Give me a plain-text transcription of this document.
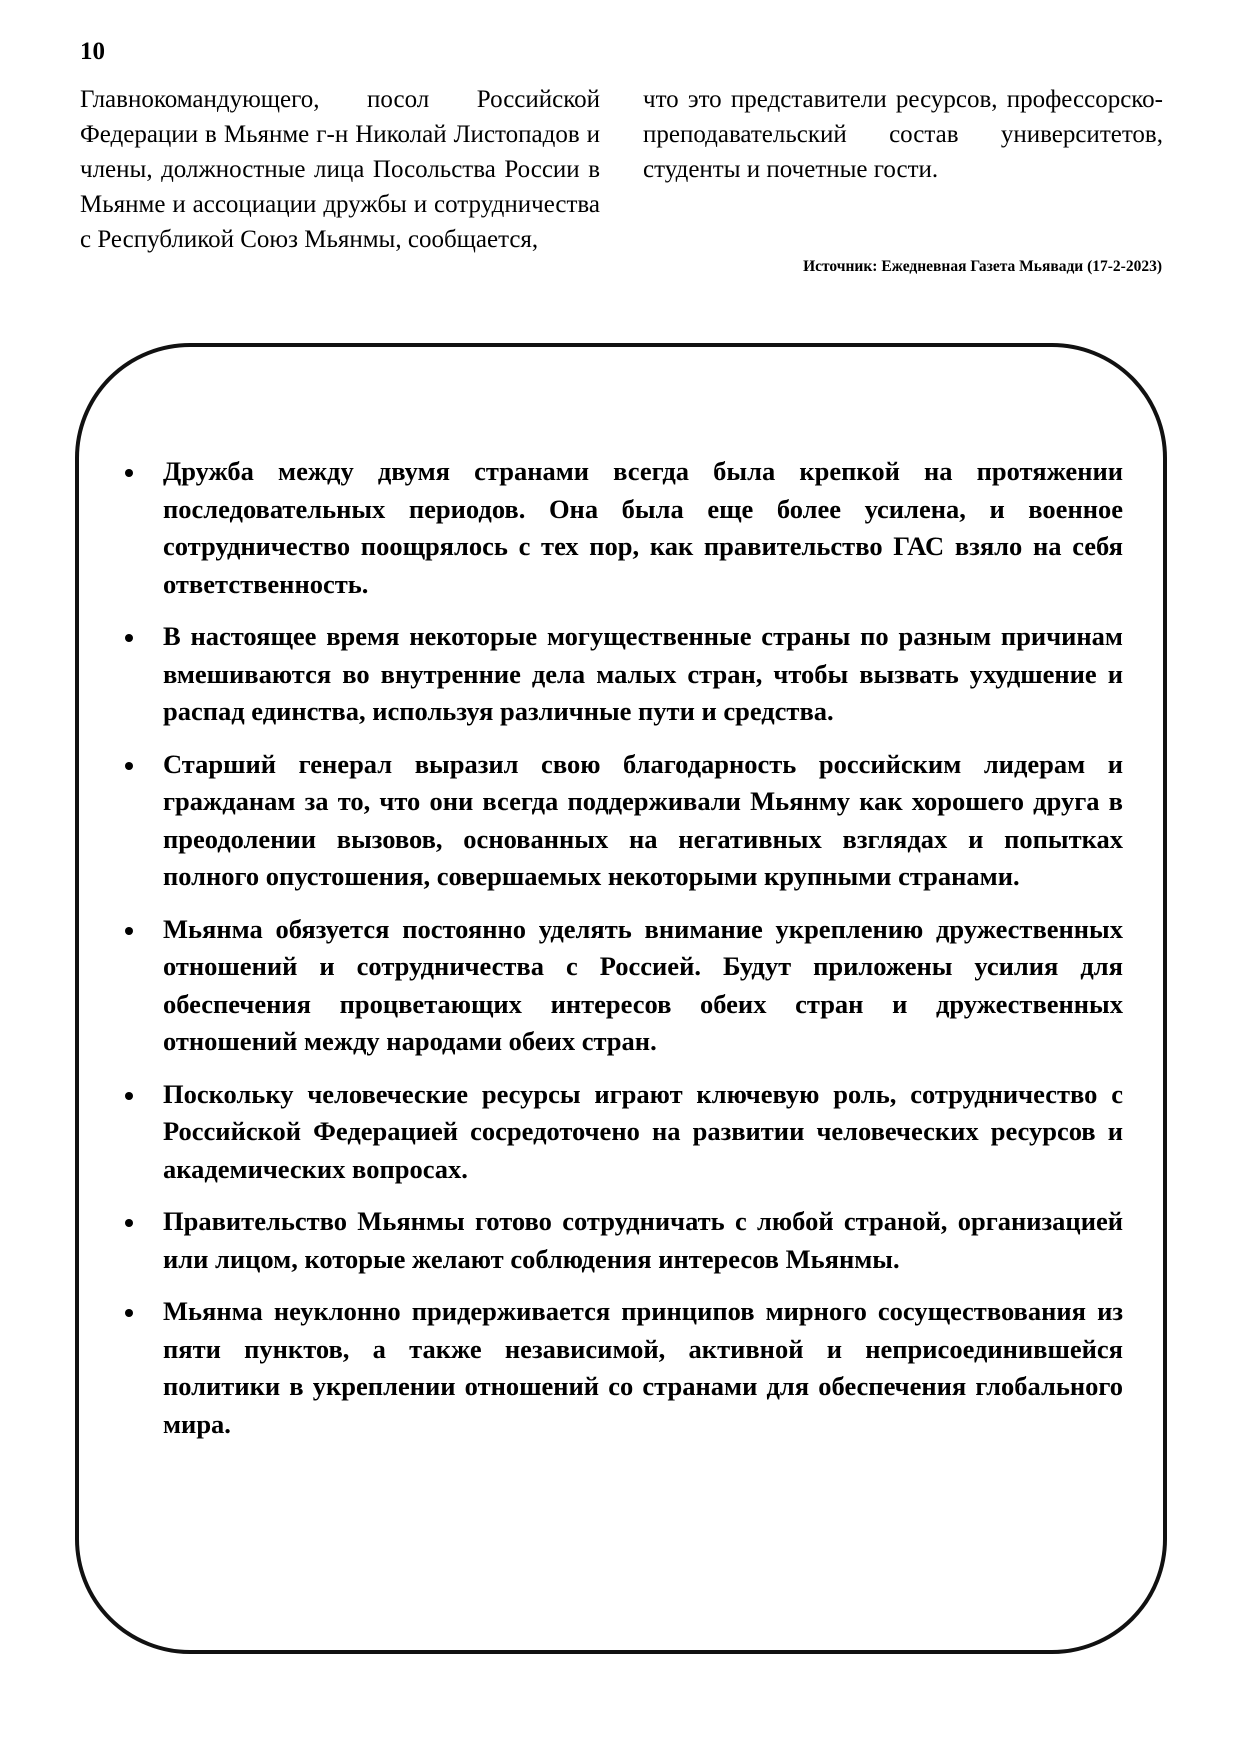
10
Главнокомандующего, посол Российской Федерации в Мьянме г-н Николай Листопадов и члены, должностные лица Посольства России в Мьянме и ассоциации дружбы и сотрудничества с Республикой Союз Мьянмы, сообщается,
что это представители ресурсов, профессорско-преподавательский состав университетов, студенты и почетные гости.
Источник: Ежедневная Газета Мьявади (17-2-2023)
Дружба между двумя странами всегда была крепкой на протяжении последовательных периодов. Она была еще более усилена, и военное сотрудничество поощрялось с тех пор, как правительство ГАС взяло на себя ответственность.
В настоящее время некоторые могущественные страны по разным причинам вмешиваются во внутренние дела малых стран, чтобы вызвать ухудшение и распад единства, используя различные пути и средства.
Старший генерал выразил свою благодарность российским лидерам и гражданам за то, что они всегда поддерживали Мьянму как хорошего друга в преодолении вызовов, основанных на негативных взглядах и попытках полного опустошения, совершаемых некоторыми крупными странами.
Мьянма обязуется постоянно уделять внимание укреплению дружественных отношений и сотрудничества с Россией. Будут приложены усилия для обеспечения процветающих интересов обеих стран и дружественных отношений между народами обеих стран.
Поскольку человеческие ресурсы играют ключевую роль, сотрудничество с Российской Федерацией сосредоточено на развитии человеческих ресурсов и академических вопросах.
Правительство Мьянмы готово сотрудничать с любой страной, организацией или лицом, которые желают соблюдения интересов Мьянмы.
Мьянма неуклонно придерживается принципов мирного сосуществования из пяти пунктов, а также независимой, активной и неприсоединившейся политики в укреплении отношений со странами для обеспечения глобального мира.
